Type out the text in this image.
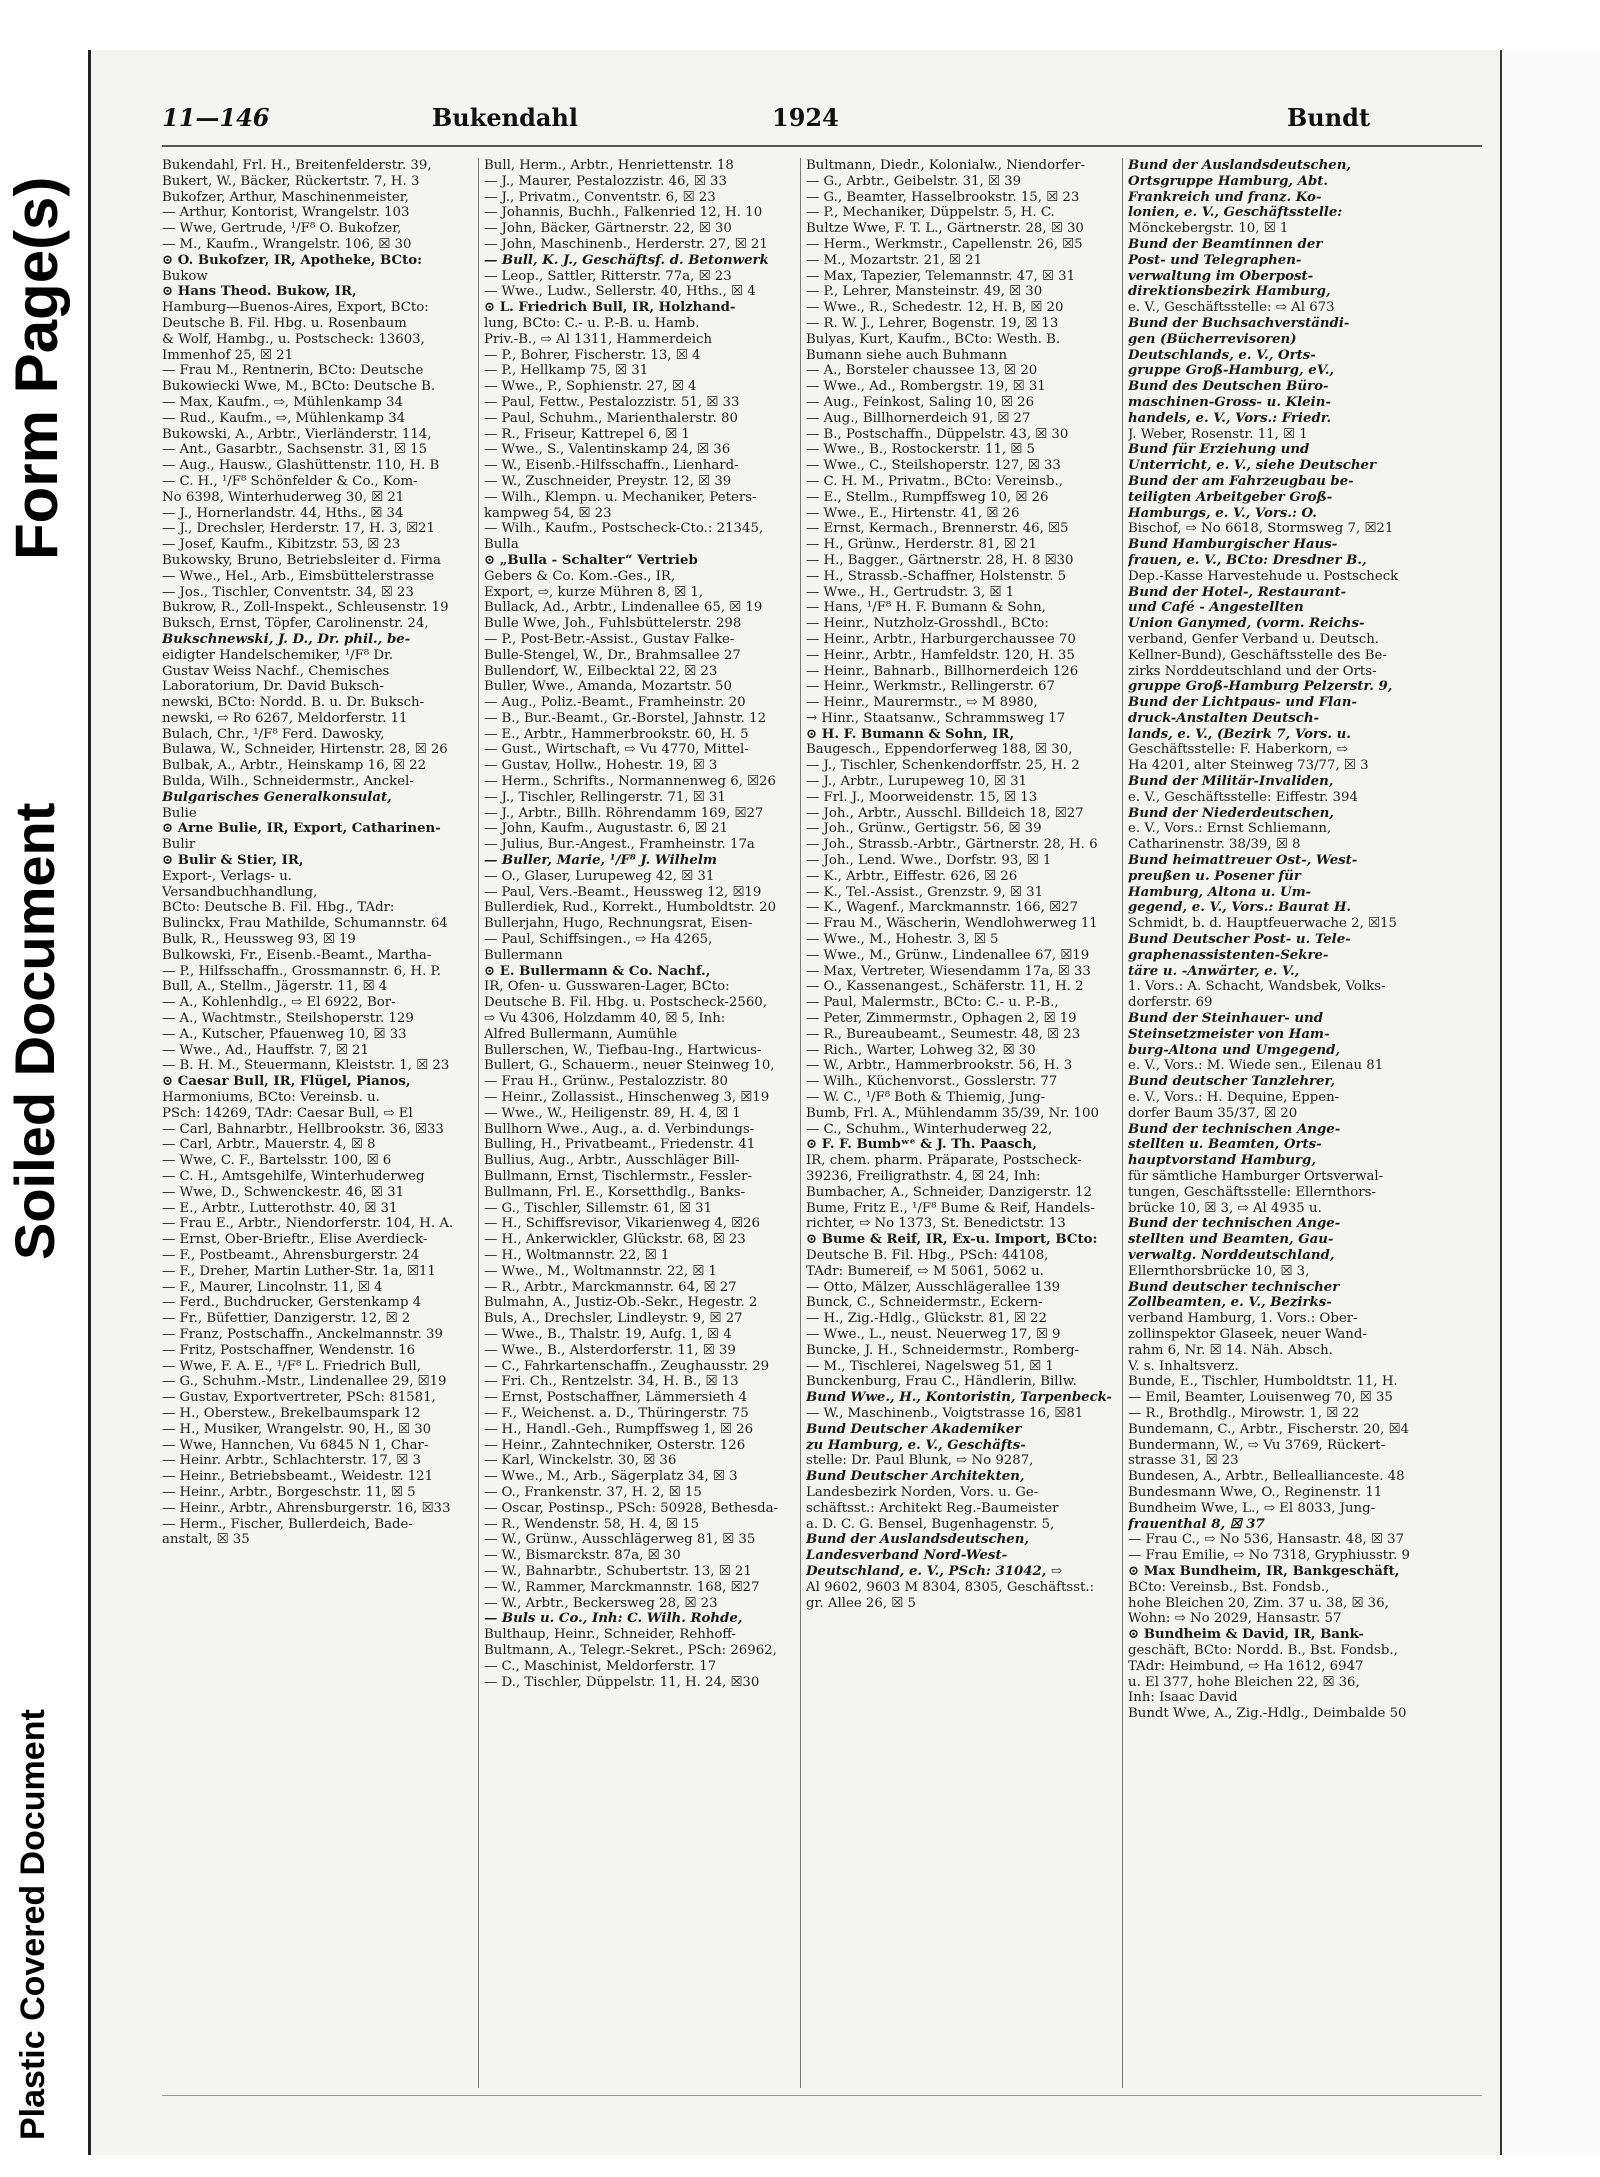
Plastic Covered Document
Soiled Document
Form Page(s)
11—146	Bukendahl	1924	Bundt
Bukendahl, Frl. H., Breitenfelderstr. 39,
Bukert, W., Bäcker, Rückertstr. 7, H. 3
Bukofzer, Arthur, Maschinenmeister,
— Arthur, Kontorist, Wrangelstr. 103
— Wwe, Gertrude, ¹/F⁸ O. Bukofzer,
— M., Kaufm., Wrangelstr. 106, ☒ 30
⊙ O. Bukofzer, IR, Apotheke, BCto:
Bukow
⊙ Hans Theod. Bukow, IR,
Hamburg—Buenos-Aires, Export, BCto:
Deutsche B. Fil. Hbg. u. Rosenbaum
& Wolf, Hambg., u. Postscheck: 13603,
Immenhof 25, ☒ 21
— Frau M., Rentnerin, BCto: Deutsche
Bukowiecki Wwe, M., BCto: Deutsche B.
— Max, Kaufm., ⇨, Mühlenkamp 34
— Rud., Kaufm., ⇨, Mühlenkamp 34
Bukowski, A., Arbtr., Vierländerstr. 114,
— Ant., Gasarbtr., Sachsenstr. 31, ☒ 15
— Aug., Hausw., Glashüttenstr. 110, H. B
— C. H., ¹/F⁸ Schönfelder & Co., Kom-
No 6398, Winterhuderweg 30, ☒ 21
— J., Hornerlandstr. 44, Hths., ☒ 34
— J., Drechsler, Herderstr. 17, H. 3, ☒21
— Josef, Kaufm., Kibitzstr. 53, ☒ 23
Bukowsky, Bruno, Betriebsleiter d. Firma
— Wwe., Hel., Arb., Eimsbüttelerstrasse
— Jos., Tischler, Conventstr. 34, ☒ 23
Bukrow, R., Zoll-Inspekt., Schleusenstr. 19
Buksch, Ernst, Töpfer, Carolinenstr. 24,
Bukschnewski, J. D., Dr. phil., be-
eidigter Handelschemiker, ¹/F⁸ Dr.
Gustav Weiss Nachf., Chemisches
Laboratorium, Dr. David Buksch-
newski, BCto: Nordd. B. u. Dr. Buksch-
newski, ⇨ Ro 6267, Meldorferstr. 11
Bulach, Chr., ¹/F⁸ Ferd. Dawosky,
Bulawa, W., Schneider, Hirtenstr. 28, ☒ 26
Bulbak, A., Arbtr., Heinskamp 16, ☒ 22
Bulda, Wilh., Schneidermstr., Anckel-
Bulgarisches Generalkonsulat,
Bulie
⊙ Arne Bulie, IR, Export, Catharinen-
Bulir
⊙ Bulir & Stier, IR,
Export-, Verlags- u.
Versandbuchhandlung,
BCto: Deutsche B. Fil. Hbg., TAdr:
Bulinckx, Frau Mathilde, Schumannstr. 64
Bulk, R., Heussweg 93, ☒ 19
Bulkowski, Fr., Eisenb.-Beamt., Martha-
— P., Hilfsschaffn., Grossmannstr. 6, H. P.
Bull, A., Stellm., Jägerstr. 11, ☒ 4
— A., Kohlenhdlg., ⇨ El 6922, Bor-
— A., Wachtmstr., Steilshoperstr. 129
— A., Kutscher, Pfauenweg 10, ☒ 33
— Wwe., Ad., Hauffstr. 7, ☒ 21
— B. H. M., Steuermann, Kleiststr. 1, ☒ 23
⊙ Caesar Bull, IR, Flügel, Pianos,
Harmoniums, BCto: Vereinsb. u.
PSch: 14269, TAdr: Caesar Bull, ⇨ El
— Carl, Bahnarbtr., Hellbrookstr. 36, ☒33
— Carl, Arbtr., Mauerstr. 4, ☒ 8
— Wwe, C. F., Bartelsstr. 100, ☒ 6
— C. H., Amtsgehilfe, Winterhuderweg
— Wwe, D., Schwenckestr. 46, ☒ 31
— E., Arbtr., Lutterothstr. 40, ☒ 31
— Frau E., Arbtr., Niendorferstr. 104, H. A.
— Ernst, Ober-Brieftr., Elise Averdieck-
— F., Postbeamt., Ahrensburgerstr. 24
— F., Dreher, Martin Luther-Str. 1a, ☒11
— F., Maurer, Lincolnstr. 11, ☒ 4
— Ferd., Buchdrucker, Gerstenkamp 4
— Fr., Büfettier, Danzigerstr. 12, ☒ 2
— Franz, Postschaffn., Anckelmannstr. 39
— Fritz, Postschaffner, Wendenstr. 16
— Wwe, F. A. E., ¹/F⁸ L. Friedrich Bull,
— G., Schuhm.-Mstr., Lindenallee 29, ☒19
— Gustav, Exportvertreter, PSch: 81581,
— H., Oberstew., Brekelbaumspark 12
— H., Musiker, Wrangelstr. 90, H., ☒ 30
— Wwe, Hannchen, Vu 6845 N 1, Char-
— Heinr. Arbtr., Schlachterstr. 17, ☒ 3
— Heinr., Betriebsbeamt., Weidestr. 121
— Heinr., Arbtr., Borgeschstr. 11, ☒ 5
— Heinr., Arbtr., Ahrensburgerstr. 16, ☒33
— Herm., Fischer, Bullerdeich, Bade-
anstalt, ☒ 35
Bull, Herm., Arbtr., Henriettenstr. 18
— J., Maurer, Pestalozzistr. 46, ☒ 33
— J., Privatm., Conventstr. 6, ☒ 23
— Johannis, Buchh., Falkenried 12, H. 10
— John, Bäcker, Gärtnerstr. 22, ☒ 30
— John, Maschinenb., Herderstr. 27, ☒ 21
— Bull, K. J., Geschäftsf. d. Betonwerk
— Leop., Sattler, Ritterstr. 77a, ☒ 23
— Wwe., Ludw., Sellerstr. 40, Hths., ☒ 4
⊙ L. Friedrich Bull, IR, Holzhand-
lung, BCto: C.- u. P.-B. u. Hamb.
Priv.-B., ⇨ Al 1311, Hammerdeich
— P., Bohrer, Fischerstr. 13, ☒ 4
— P., Hellkamp 75, ☒ 31
— Wwe., P., Sophienstr. 27, ☒ 4
— Paul, Fettw., Pestalozzistr. 51, ☒ 33
— Paul, Schuhm., Marienthalerstr. 80
— R., Friseur, Kattrepel 6, ☒ 1
— Wwe., S., Valentinskamp 24, ☒ 36
— W., Eisenb.-Hilfsschaffn., Lienhard-
— W., Zuschneider, Preystr. 12, ☒ 39
— Wilh., Klempn. u. Mechaniker, Peters-
kampweg 54, ☒ 23
— Wilh., Kaufm., Postscheck-Cto.: 21345,
Bulla
⊙ „Bulla - Schalter“ Vertrieb
Gebers & Co. Kom.-Ges., IR,
Export, ⇨, kurze Mühren 8, ☒ 1,
Bullack, Ad., Arbtr., Lindenallee 65, ☒ 19
Bulle Wwe, Joh., Fuhlsbüttelerstr. 298
— P., Post-Betr.-Assist., Gustav Falke-
Bulle-Stengel, W., Dr., Brahmsallee 27
Bullendorf, W., Eilbecktal 22, ☒ 23
Buller, Wwe., Amanda, Mozartstr. 50
— Aug., Poliz.-Beamt., Framheinstr. 20
— B., Bur.-Beamt., Gr.-Borstel, Jahnstr. 12
— E., Arbtr., Hammerbrookstr. 60, H. 5
— Gust., Wirtschaft, ⇨ Vu 4770, Mittel-
— Gustav, Hollw., Hohestr. 19, ☒ 3
— Herm., Schrifts., Normannenweg 6, ☒26
— J., Tischler, Rellingerstr. 71, ☒ 31
— J., Arbtr., Billh. Röhrendamm 169, ☒27
— John, Kaufm., Augustastr. 6, ☒ 21
— Julius, Bur.-Angest., Framheinstr. 17a
— Buller, Marie, ¹/F⁸ J. Wilhelm
— O., Glaser, Lurupeweg 42, ☒ 31
— Paul, Vers.-Beamt., Heussweg 12, ☒19
Bullerdiek, Rud., Korrekt., Humboldtstr. 20
Bullerjahn, Hugo, Rechnungsrat, Eisen-
— Paul, Schiffsingen., ⇨ Ha 4265,
Bullermann
⊙ E. Bullermann & Co. Nachf.,
IR, Ofen- u. Gusswaren-Lager, BCto:
Deutsche B. Fil. Hbg. u. Postscheck-2560,
⇨ Vu 4306, Holzdamm 40, ☒ 5, Inh:
Alfred Bullermann, Aumühle
Bullerschen, W., Tiefbau-Ing., Hartwicus-
Bullert, G., Schauerm., neuer Steinweg 10,
— Frau H., Grünw., Pestalozzistr. 80
— Heinr., Zollassist., Hinschenweg 3, ☒19
— Wwe., W., Heiligenstr. 89, H. 4, ☒ 1
Bullhorn Wwe., Aug., a. d. Verbindungs-
Bulling, H., Privatbeamt., Friedenstr. 41
Bullius, Aug., Arbtr., Ausschläger Bill-
Bullmann, Ernst, Tischlermstr., Fessler-
Bullmann, Frl. E., Korsetthdlg., Banks-
— G., Tischler, Sillemstr. 61, ☒ 31
— H., Schiffsrevisor, Vikarienweg 4, ☒26
— H., Ankerwickler, Glückstr. 68, ☒ 23
— H., Woltmannstr. 22, ☒ 1
— Wwe., M., Woltmannstr. 22, ☒ 1
— R., Arbtr., Marckmannstr. 64, ☒ 27
Bulmahn, A., Justiz-Ob.-Sekr., Hegestr. 2
Buls, A., Drechsler, Lindleystr. 9, ☒ 27
— Wwe., B., Thalstr. 19, Aufg. 1, ☒ 4
— Wwe., B., Alsterdorferstr. 11, ☒ 39
— C., Fahrkartenschaffn., Zeughausstr. 29
— Fri. Ch., Rentzelstr. 34, H. B., ☒ 13
— Ernst, Postschaffner, Lämmersieth 4
— F., Weichenst. a. D., Thüringerstr. 75
— H., Handl.-Geh., Rumpffsweg 1, ☒ 26
— Heinr., Zahntechniker, Osterstr. 126
— Karl, Winckelstr. 30, ☒ 36
— Wwe., M., Arb., Sägerplatz 34, ☒ 3
— O., Frankenstr. 37, H. 2, ☒ 15
— Oscar, Postinsp., PSch: 50928, Bethesda-
— R., Wendenstr. 58, H. 4, ☒ 15
— W., Grünw., Ausschlägerweg 81, ☒ 35
— W., Bismarckstr. 87a, ☒ 30
— W., Bahnarbtr., Schubertstr. 13, ☒ 21
— W., Rammer, Marckmannstr. 168, ☒27
— W., Arbtr., Beckersweg 28, ☒ 23
— Buls u. Co., Inh: C. Wilh. Rohde,
Bulthaup, Heinr., Schneider, Rehhoff-
Bultmann, A., Telegr.-Sekret., PSch: 26962,
— C., Maschinist, Meldorferstr. 17
— D., Tischler, Düppelstr. 11, H. 24, ☒30
Bultmann, Diedr., Kolonialw., Niendorfer-
— G., Arbtr., Geibelstr. 31, ☒ 39
— G., Beamter, Hasselbrookstr. 15, ☒ 23
— P., Mechaniker, Düppelstr. 5, H. C.
Bultze Wwe, F. T. L., Gärtnerstr. 28, ☒ 30
— Herm., Werkmstr., Capellenstr. 26, ☒5
— M., Mozartstr. 21, ☒ 21
— Max, Tapezier, Telemannstr. 47, ☒ 31
— P., Lehrer, Mansteinstr. 49, ☒ 30
— Wwe., R., Schedestr. 12, H. B, ☒ 20
— R. W. J., Lehrer, Bogenstr. 19, ☒ 13
Bulyas, Kurt, Kaufm., BCto: Westh. B.
Bumann siehe auch Buhmann
— A., Borsteler chaussee 13, ☒ 20
— Wwe., Ad., Rombergstr. 19, ☒ 31
— Aug., Feinkost, Saling 10, ☒ 26
— Aug., Billhornerdeich 91, ☒ 27
— B., Postschaffn., Düppelstr. 43, ☒ 30
— Wwe., B., Rostockerstr. 11, ☒ 5
— Wwe., C., Steilshoperstr. 127, ☒ 33
— C. H. M., Privatm., BCto: Vereinsb.,
— E., Stellm., Rumpffsweg 10, ☒ 26
— Wwe., E., Hirtenstr. 41, ☒ 26
— Ernst, Kermach., Brennerstr. 46, ☒5
— H., Grünw., Herderstr. 81, ☒ 21
— H., Bagger., Gärtnerstr. 28, H. 8 ☒30
— H., Strassb.-Schaffner, Holstenstr. 5
— Wwe., H., Gertrudstr. 3, ☒ 1
— Hans, ¹/F⁸ H. F. Bumann & Sohn,
— Heinr., Nutzholz-Grosshdl., BCto:
— Heinr., Arbtr., Harburgerchaussee 70
— Heinr., Arbtr., Hamfeldstr. 120, H. 35
— Heinr., Bahnarb., Billhornerdeich 126
— Heinr., Werkmstr., Rellingerstr. 67
— Heinr., Maurermstr., ⇨ M 8980,
→ Hinr., Staatsanw., Schrammsweg 17
⊙ H. F. Bumann & Sohn, IR,
Baugesch., Eppendorferweg 188, ☒ 30,
— J., Tischler, Schenkendorffstr. 25, H. 2
— J., Arbtr., Lurupeweg 10, ☒ 31
— Frl. J., Moorweidenstr. 15, ☒ 13
— Joh., Arbtr., Ausschl. Billdeich 18, ☒27
— Joh., Grünw., Gertigstr. 56, ☒ 39
— Joh., Strassb.-Arbtr., Gärtnerstr. 28, H. 6
— Joh., Lend. Wwe., Dorfstr. 93, ☒ 1
— K., Arbtr., Eiffestr. 626, ☒ 26
— K., Tel.-Assist., Grenzstr. 9, ☒ 31
— K., Wagenf., Marckmannstr. 166, ☒27
— Frau M., Wäscherin, Wendlohwerweg 11
— Wwe., M., Hohestr. 3, ☒ 5
— Wwe., M., Grünw., Lindenallee 67, ☒19
— Max, Vertreter, Wiesendamm 17a, ☒ 33
— O., Kassenangest., Schäferstr. 11, H. 2
— Paul, Malermstr., BCto: C.- u. P.-B.,
— Peter, Zimmermstr., Ophagen 2, ☒ 19
— R., Bureaubeamt., Seumestr. 48, ☒ 23
— Rich., Warter, Lohweg 32, ☒ 30
— W., Arbtr., Hammerbrookstr. 56, H. 3
— Wilh., Küchenvorst., Gosslerstr. 77
— W. C., ¹/F⁸ Both & Thiemig, Jung-
Bumb, Frl. A., Mühlendamm 35/39, Nr. 100
— C., Schuhm., Winterhuderweg 22,
⊙ F. F. Bumbʷᵉ & J. Th. Paasch,
IR, chem. pharm. Präparate, Postscheck-
39236, Freiligrathstr. 4, ☒ 24, Inh:
Bumbacher, A., Schneider, Danzigerstr. 12
Bume, Fritz E., ¹/F⁸ Bume & Reif, Handels-
richter, ⇨ No 1373, St. Benedictstr. 13
⊙ Bume & Reif, IR, Ex-u. Import, BCto:
Deutsche B. Fil. Hbg., PSch: 44108,
TAdr: Bumereif, ⇨ M 5061, 5062 u.
— Otto, Mälzer, Ausschlägerallee 139
Bunck, C., Schneidermstr., Eckern-
— H., Zig.-Hdlg., Glückstr. 81, ☒ 22
— Wwe., L., neust. Neuerweg 17, ☒ 9
Buncke, J. H., Schneidermstr., Romberg-
— M., Tischlerei, Nagelsweg 51, ☒ 1
Bunckenburg, Frau C., Händlerin, Billw.
Bund Wwe., H., Kontoristin, Tarpenbeck-
— W., Maschinenb., Voigtstrasse 16, ☒81
Bund Deutscher Akademiker
zu Hamburg, e. V., Geschäfts-
stelle: Dr. Paul Blunk, ⇨ No 9287,
Bund Deutscher Architekten,
Landesbezirk Norden, Vors. u. Ge-
schäftsst.: Architekt Reg.-Baumeister
a. D. C. G. Bensel, Bugenhagenstr. 5,
Bund der Auslandsdeutschen,
Landesverband Nord-West-
Deutschland, e. V., PSch: 31042, ⇨
Al 9602, 9603 M 8304, 8305, Geschäftsst.:
gr. Allee 26, ☒ 5
Bund der Auslandsdeutschen,
Ortsgruppe Hamburg, Abt.
Frankreich und franz. Ko-
lonien, e. V., Geschäftsstelle:
Mönckebergstr. 10, ☒ 1
Bund der Beamtinnen der
Post- und Telegraphen-
verwaltung im Oberpost-
direktionsbezirk Hamburg,
e. V., Geschäftsstelle: ⇨ Al 673
Bund der Buchsachverständi-
gen (Bücherrevisoren)
Deutschlands, e. V., Orts-
gruppe Groß-Hamburg, eV.,
Bund des Deutschen Büro-
maschinen-Gross- u. Klein-
handels, e. V., Vors.: Friedr.
J. Weber, Rosenstr. 11, ☒ 1
Bund für Erziehung und
Unterricht, e. V., siehe Deutscher
Bund der am Fahrzeugbau be-
teiligten Arbeitgeber Groß-
Hamburgs, e. V., Vors.: O.
Bischof, ⇨ No 6618, Stormsweg 7, ☒21
Bund Hamburgischer Haus-
frauen, e. V., BCto: Dresdner B.,
Dep.-Kasse Harvestehude u. Postscheck
Bund der Hotel-, Restaurant-
und Café - Angestellten
Union Ganymed, (vorm. Reichs-
verband, Genfer Verband u. Deutsch.
Kellner-Bund), Geschäftsstelle des Be-
zirks Norddeutschland und der Orts-
gruppe Groß-Hamburg Pelzerstr. 9,
Bund der Lichtpaus- und Flan-
druck-Anstalten Deutsch-
lands, e. V., (Bezirk 7, Vors. u.
Geschäftsstelle: F. Haberkorn, ⇨
Ha 4201, alter Steinweg 73/77, ☒ 3
Bund der Militär-Invaliden,
e. V., Geschäftsstelle: Eiffestr. 394
Bund der Niederdeutschen,
e. V., Vors.: Ernst Schliemann,
Catharinenstr. 38/39, ☒ 8
Bund heimattreuer Ost-, West-
preußen u. Posener für
Hamburg, Altona u. Um-
gegend, e. V., Vors.: Baurat H.
Schmidt, b. d. Hauptfeuerwache 2, ☒15
Bund Deutscher Post- u. Tele-
graphenassistenten-Sekre-
täre u. -Anwärter, e. V.,
1. Vors.: A. Schacht, Wandsbek, Volks-
dorferstr. 69
Bund der Steinhauer- und
Steinsetzmeister von Ham-
burg-Altona und Umgegend,
e. V., Vors.: M. Wiede sen., Eilenau 81
Bund deutscher Tanzlehrer,
e. V., Vors.: H. Dequine, Eppen-
dorfer Baum 35/37, ☒ 20
Bund der technischen Ange-
stellten u. Beamten, Orts-
hauptvorstand Hamburg,
für sämtliche Hamburger Ortsverwal-
tungen, Geschäftsstelle: Ellernthors-
brücke 10, ☒ 3, ⇨ Al 4935 u.
Bund der technischen Ange-
stellten und Beamten, Gau-
verwaltg. Norddeutschland,
Ellernthorsbrücke 10, ☒ 3,
Bund deutscher technischer
Zollbeamten, e. V., Bezirks-
verband Hamburg, 1. Vors.: Ober-
zollinspektor Glaseek, neuer Wand-
rahm 6, Nr. ☒ 14. Näh. Absch.
V. s. Inhaltsverz.
Bunde, E., Tischler, Humboldtstr. 11, H.
— Emil, Beamter, Louisenweg 70, ☒ 35
— R., Brothdlg., Mirowstr. 1, ☒ 22
Bundemann, C., Arbtr., Fischerstr. 20, ☒4
Bundermann, W., ⇨ Vu 3769, Rückert-
strasse 31, ☒ 23
Bundesen, A., Arbtr., Belleallianceste. 48
Bundesmann Wwe, O., Reginenstr. 11
Bundheim Wwe, L., ⇨ El 8033, Jung-
frauenthal 8, ☒ 37
— Frau C., ⇨ No 536, Hansastr. 48, ☒ 37
— Frau Emilie, ⇨ No 7318, Gryphiusstr. 9
⊙ Max Bundheim, IR, Bankgeschäft,
BCto: Vereinsb., Bst. Fondsb.,
hohe Bleichen 20, Zim. 37 u. 38, ☒ 36,
Wohn: ⇨ No 2029, Hansastr. 57
⊙ Bundheim & David, IR, Bank-
geschäft, BCto: Nordd. B., Bst. Fondsb.,
TAdr: Heimbund, ⇨ Ha 1612, 6947
u. El 377, hohe Bleichen 22, ☒ 36,
Inh: Isaac David
Bundt Wwe, A., Zig.-Hdlg., Deimbalde 50
